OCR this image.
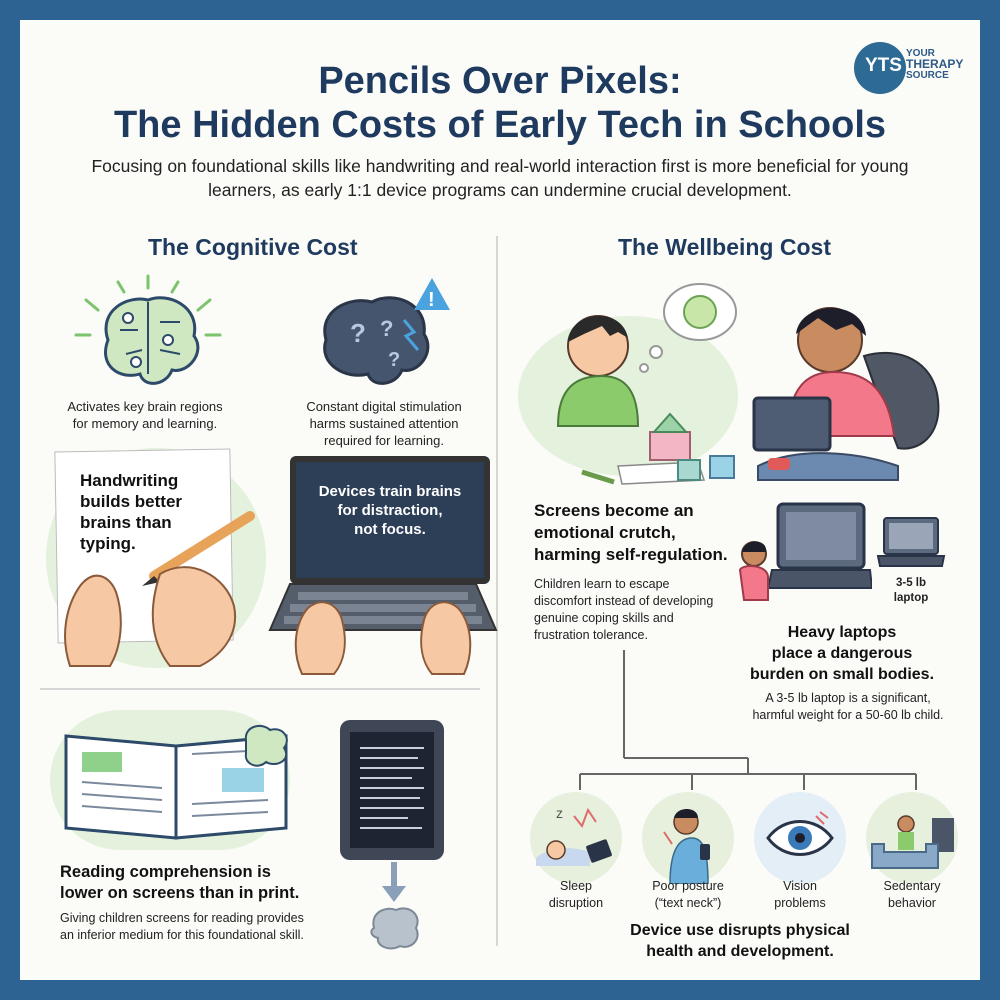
YTS
YOUR
THERAPY
SOURCE
Pencils Over Pixels:
The Hidden Costs of Early Tech in Schools
Focusing on foundational skills like handwriting and real-world interaction first is more beneficial for young learners, as early 1:1 device programs can undermine crucial development.
The Cognitive Cost
Activates key brain regions
for memory and learning.
? ?
?
!
Constant digital stimulation
harms sustained attention
required for learning.
Handwriting
builds better
brains than
typing.
Devices train brains
for distraction,
not focus.
Reading comprehension is
lower on screens than in print.
Giving children screens for reading provides
an inferior medium for this foundational skill.
The Wellbeing Cost
Screens become an
emotional crutch,
harming self-regulation.
Children learn to escape
discomfort instead of developing
genuine coping skills and
frustration tolerance.
3-5 lb
laptop
Heavy laptops
place a dangerous
burden on small bodies.
A 3-5 lb laptop is a significant,
harmful weight for a 50-60 lb child.
z
Sleep
disruption
Poor posture
(“text neck”)
Vision
problems
Sedentary
behavior
Device use disrupts physical
health and development.
